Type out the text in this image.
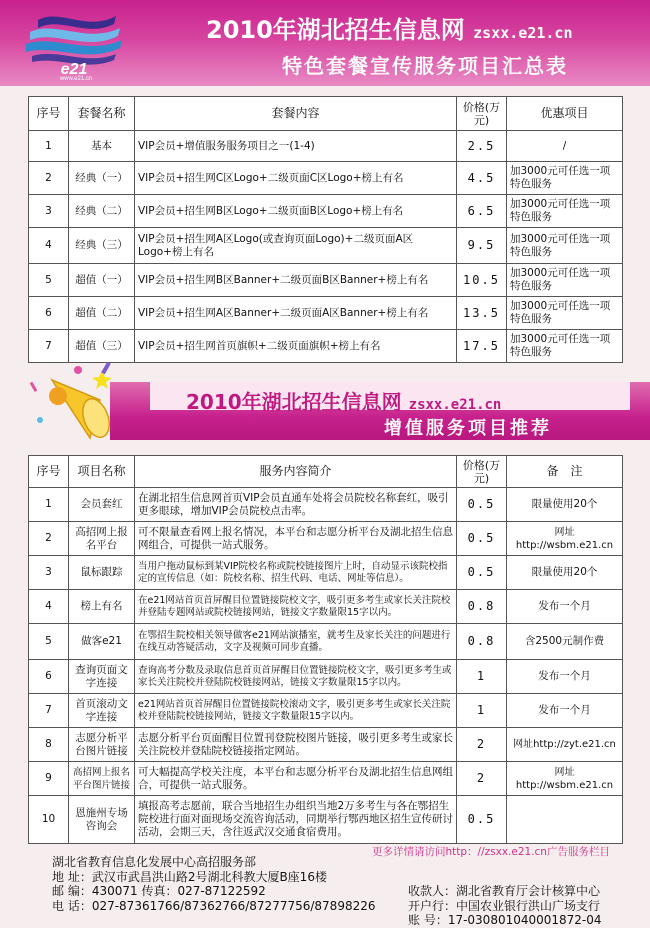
e21
www.e21.cn
2010年湖北招生信息网 zsxx.e21.cn
特色套餐宣传服务项目汇总表
序号	套餐名称	套餐内容	价格(万元)	优惠项目
1	基本	VIP会员+增值服务服务项目之一(1-4)	2.5	/
2	经典（一）	VIP会员+招生网C区Logo+二级页面C区Logo+榜上有名	4.5	加3000元可任选一项特色服务
3	经典（二）	VIP会员+招生网B区Logo+二级页面B区Logo+榜上有名	6.5	加3000元可任选一项特色服务
4	经典（三）	VIP会员+招生网A区Logo(或查询页面Logo)+二级页面A区Logo+榜上有名	9.5	加3000元可任选一项特色服务
5	超值（一）	VIP会员+招生网B区Banner+二级页面B区Banner+榜上有名	10.5	加3000元可任选一项特色服务
6	超值（二）	VIP会员+招生网A区Banner+二级页面A区Banner+榜上有名	13.5	加3000元可任选一项特色服务
7	超值（三）	VIP会员+招生网首页旗帜+二级页面旗帜+榜上有名	17.5	加3000元可任选一项特色服务
2010年湖北招生信息网 zsxx.e21.cn
增值服务项目推荐
序号	项目名称	服务内容简介	价格(万元)	备　注
1	会员套红	在湖北招生信息网首页VIP会员直通车处将会员院校名称套红，吸引更多眼球，增加VIP会员院校点击率。	0.5	限量使用20个
2	高招网上报名平台	可不限量查看网上报名情况，本平台和志愿分析平台及湖北招生信息网组合，可提供一站式服务。	0.5	网址http://wsbm.e21.cn
3	鼠标跟踪	当用户拖动鼠标到某VIP院校名称或院校链接图片上时，自动显示该院校指定的宣传信息（如：院校名称、招生代码、电话、网址等信息）。	0.5	限量使用20个
4	榜上有名	在e21网站首页首屏醒目位置链接院校文字，吸引更多考生或家长关注院校并登陆专题网站或院校链接网站，链接文字数量限15字以内。	0.8	发布一个月
5	做客e21	在鄂招生院校相关领导做客e21网站演播室，就考生及家长关注的问题进行在线互动答疑活动，文字及视频可同步直播。	0.8	含2500元制作费
6	查询页面文字连接	查询高考分数及录取信息首页首屏醒目位置链接院校文字，吸引更多考生或家长关注院校并登陆院校链接网站，链接文字数量限15字以内。	1	发布一个月
7	首页滚动文字连接	e21网站首页首屏醒目位置链接院校滚动文字，吸引更多考生或家长关注院校并登陆院校链接网站，链接文字数量限15字以内。	1	发布一个月
8	志愿分析平台图片链接	志愿分析平台页面醒目位置刊登院校图片链接，吸引更多考生或家长关注院校并登陆院校链接指定网站。	2	网址http://zyt.e21.cn
9	高招网上报名平台图片链接	可大幅提高学校关注度，本平台和志愿分析平台及湖北招生信息网组合，可提供一站式服务。	2	网址http://wsbm.e21.cn
10	恩施州专场咨询会	填报高考志愿前，联合当地招生办组织当地2万多考生与各在鄂招生院校进行面对面现场交流咨询活动，同期举行鄂西地区招生宣传研讨活动，会期三天，含往返武汉交通食宿费用。	0.5	
更多详情请访问http：//zsxx.e21.cn广告服务栏目
湖北省教育信息化发展中心高招服务部
地 址：武汉市武昌洪山路2号湖北科教大厦B座16楼
邮 编：430071 传真：027-87122592	收款人：湖北省教育厅会计核算中心
电 话：027-87361766/87362766/87277756/87898226	开户行：中国农业银行洪山广场支行
账 号：17-030801040001872-04
